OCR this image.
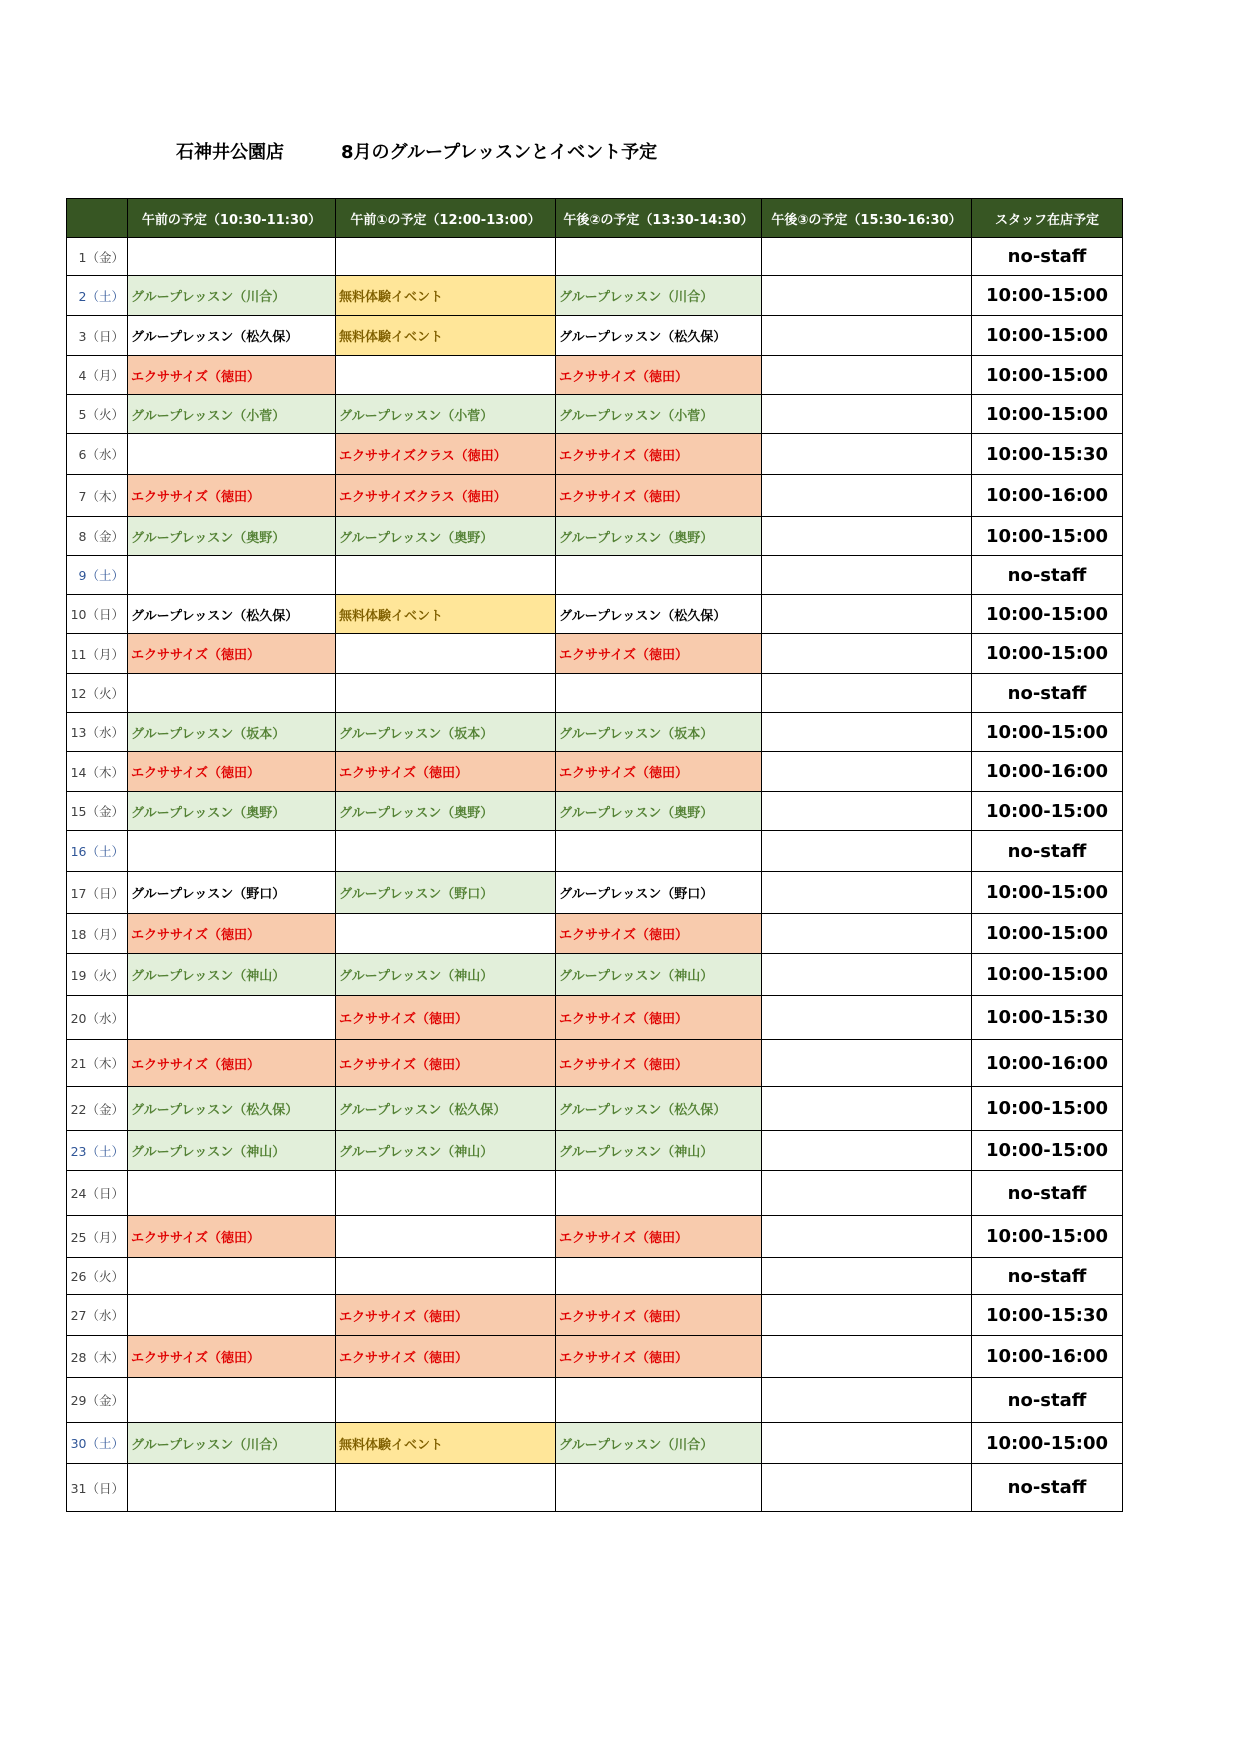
石神井公園店	8月のグループレッスンとイベント予定
	午前の予定（10:30-11:30）	午前①の予定（12:00-13:00）	午後②の予定（13:30-14:30）	午後③の予定（15:30-16:30）	スタッフ在店予定
1（金）					no-staff
2（土）	グループレッスン（川合）	無料体験イベント	グループレッスン（川合）		10:00-15:00
3（日）	グループレッスン（松久保）	無料体験イベント	グループレッスン（松久保）		10:00-15:00
4（月）	エクササイズ（徳田）		エクササイズ（徳田）		10:00-15:00
5（火）	グループレッスン（小菅）	グループレッスン（小菅）	グループレッスン（小菅）		10:00-15:00
6（水）		エクササイズクラス（徳田）	エクササイズ（徳田）		10:00-15:30
7（木）	エクササイズ（徳田）	エクササイズクラス（徳田）	エクササイズ（徳田）		10:00-16:00
8（金）	グループレッスン（奥野）	グループレッスン（奥野）	グループレッスン（奥野）		10:00-15:00
9（土）					no-staff
10（日）	グループレッスン（松久保）	無料体験イベント	グループレッスン（松久保）		10:00-15:00
11（月）	エクササイズ（徳田）		エクササイズ（徳田）		10:00-15:00
12（火）					no-staff
13（水）	グループレッスン（坂本）	グループレッスン（坂本）	グループレッスン（坂本）		10:00-15:00
14（木）	エクササイズ（徳田）	エクササイズ（徳田）	エクササイズ（徳田）		10:00-16:00
15（金）	グループレッスン（奥野）	グループレッスン（奥野）	グループレッスン（奥野）		10:00-15:00
16（土）					no-staff
17（日）	グループレッスン（野口）	グループレッスン（野口）	グループレッスン（野口）		10:00-15:00
18（月）	エクササイズ（徳田）		エクササイズ（徳田）		10:00-15:00
19（火）	グループレッスン（神山）	グループレッスン（神山）	グループレッスン（神山）		10:00-15:00
20（水）		エクササイズ（徳田）	エクササイズ（徳田）		10:00-15:30
21（木）	エクササイズ（徳田）	エクササイズ（徳田）	エクササイズ（徳田）		10:00-16:00
22（金）	グループレッスン（松久保）	グループレッスン（松久保）	グループレッスン（松久保）		10:00-15:00
23（土）	グループレッスン（神山）	グループレッスン（神山）	グループレッスン（神山）		10:00-15:00
24（日）					no-staff
25（月）	エクササイズ（徳田）		エクササイズ（徳田）		10:00-15:00
26（火）					no-staff
27（水）		エクササイズ（徳田）	エクササイズ（徳田）		10:00-15:30
28（木）	エクササイズ（徳田）	エクササイズ（徳田）	エクササイズ（徳田）		10:00-16:00
29（金）					no-staff
30（土）	グループレッスン（川合）	無料体験イベント	グループレッスン（川合）		10:00-15:00
31（日）					no-staff
